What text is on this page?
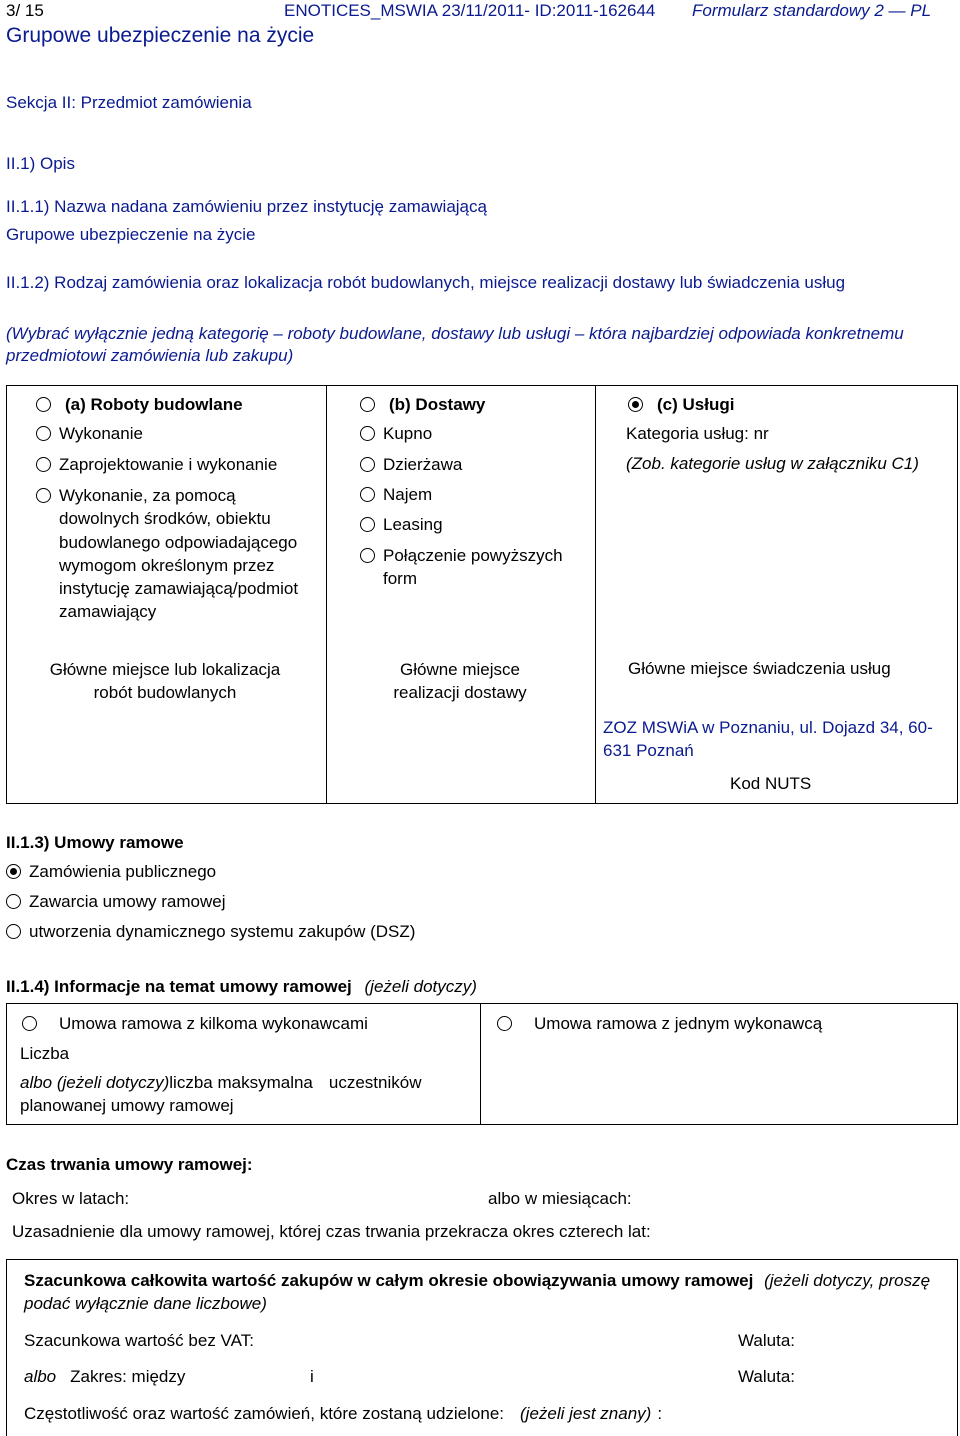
3/ 15	ENOTICES_MSWIA 23/11/2011- ID:2011-162644 Formularz standardowy 2 — PL
Grupowe ubezpieczenie na życie
Sekcja II: Przedmiot zamówienia
II.1) Opis
II.1.1) Nazwa nadana zamówieniu przez instytucję zamawiającą
Grupowe ubezpieczenie na życie
II.1.2) Rodzaj zamówienia oraz lokalizacja robót budowlanych, miejsce realizacji dostawy lub świadczenia usług
(Wybrać wyłącznie jedną kategorię – roboty budowlane, dostawy lub usługi – która najbardziej odpowiada konkretnemu przedmiotowi zamówienia lub zakupu)
(a) Roboty budowlane
Wykonanie
Zaprojektowanie i wykonanie
Wykonanie, za pomocą dowolnych środków, obiektu budowlanego odpowiadającego wymogom określonym przez instytucję zamawiającą/podmiot zamawiający
Główne miejsce lub lokalizacja robót budowlanych
(b) Dostawy
Kupno
Dzierżawa
Najem
Leasing
Połączenie powyższych form
Główne miejsce realizacji dostawy
(c) Usługi
Kategoria usług: nr
(Zob. kategorie usług w załączniku C1)
Główne miejsce świadczenia usług
ZOZ MSWiA w Poznaniu, ul. Dojazd 34, 60-631 Poznań
Kod NUTS
II.1.3) Umowy ramowe
Zamówienia publicznego
Zawarcia umowy ramowej
utworzenia dynamicznego systemu zakupów (DSZ)
II.1.4) Informacje na temat umowy ramowej (jeżeli dotyczy)
Umowa ramowa z kilkoma wykonawcami	Umowa ramowa z jednym wykonawcą
Liczba
albo (jeżeli dotyczy)liczba maksymalna uczestników
planowanej umowy ramowej
Czas trwania umowy ramowej:
Okres w latach:	albo w miesiącach:
Uzasadnienie dla umowy ramowej, której czas trwania przekracza okres czterech lat:
Szacunkowa całkowita wartość zakupów w całym okresie obowiązywania umowy ramowej (jeżeli dotyczy, proszę podać wyłącznie dane liczbowe)
Szacunkowa wartość bez VAT:	Waluta:
albo Zakres: między	i	Waluta:
Częstotliwość oraz wartość zamówień, które zostaną udzielone: (jeżeli jest znany) :
